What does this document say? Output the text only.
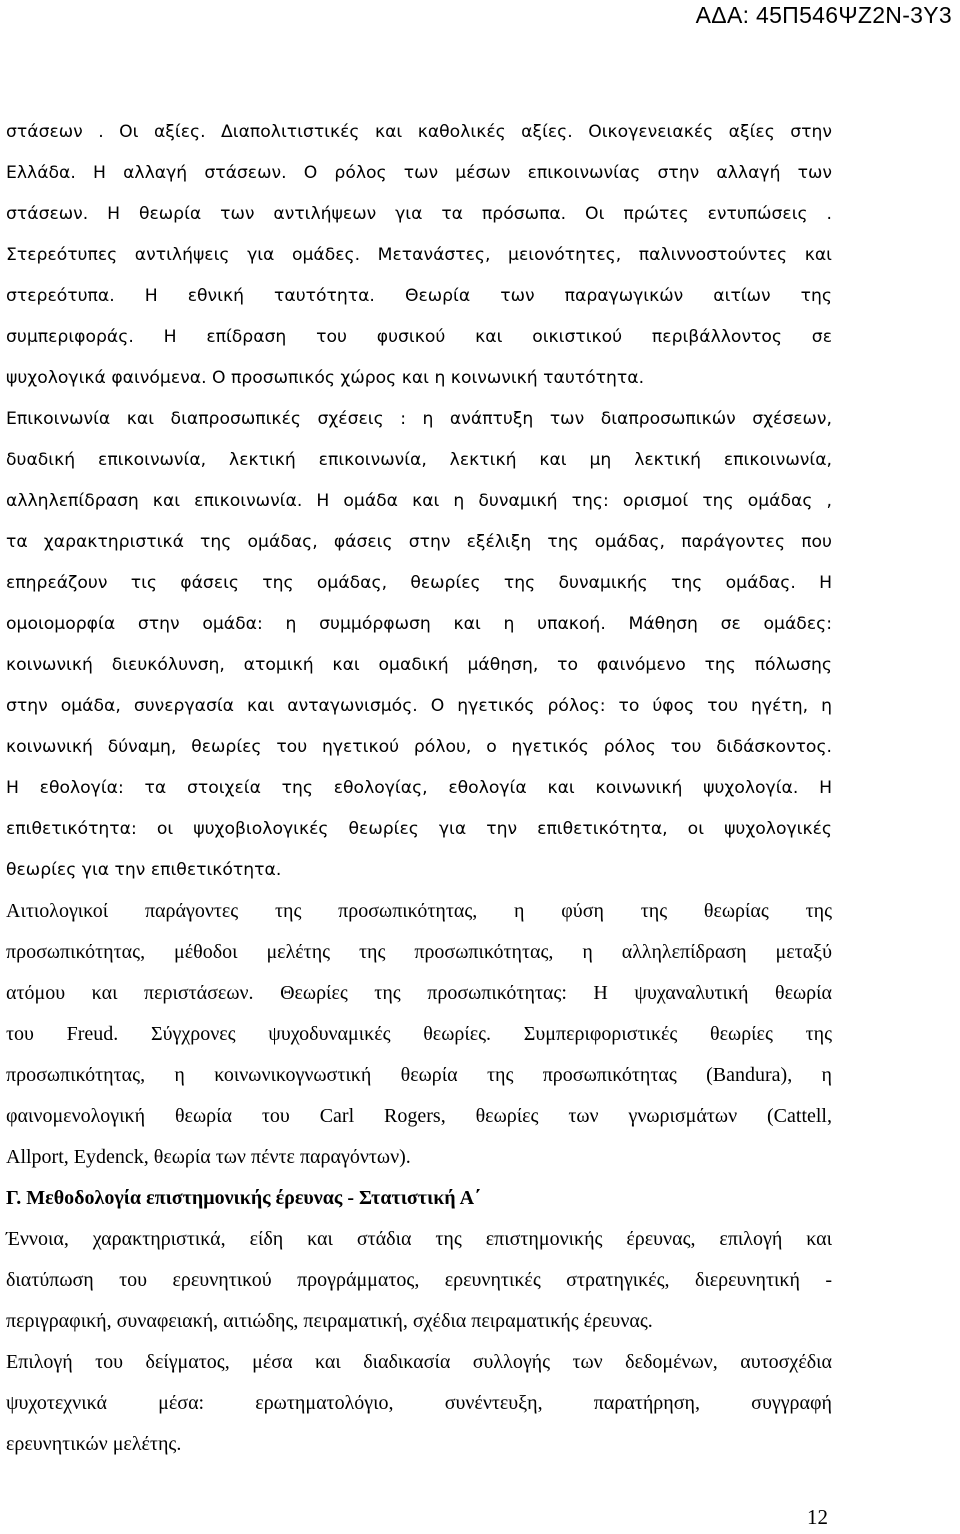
ΑΔΑ: 45Π546ΨΖ2Ν-3Υ3
στάσεων . Οι αξίες. Διαπολιτιστικές και καθολικές αξίες. Οικογενειακές αξίες στην
Ελλάδα. Η αλλαγή στάσεων. Ο ρόλος των μέσων επικοινωνίας στην αλλαγή των
στάσεων. Η θεωρία των αντιλήψεων για τα πρόσωπα. Οι πρώτες εντυπώσεις .
Στερεότυπες αντιλήψεις για ομάδες. Μετανάστες, μειονότητες, παλιννοστούντες και
στερεότυπα. Η εθνική ταυτότητα. Θεωρία των παραγωγικών αιτίων της
συμπεριφοράς. Η επίδραση του φυσικού και οικιστικού περιβάλλοντος σε
ψυχολογικά φαινόμενα. Ο προσωπικός χώρος και η κοινωνική ταυτότητα.
Επικοινωνία και διαπροσωπικές σχέσεις : η ανάπτυξη των διαπροσωπικών σχέσεων,
δυαδική επικοινωνία, λεκτική επικοινωνία, λεκτική και μη λεκτική επικοινωνία,
αλληλεπίδραση και επικοινωνία. Η ομάδα και η δυναμική της: ορισμοί της ομάδας ,
τα χαρακτηριστικά της ομάδας, φάσεις στην εξέλιξη της ομάδας, παράγοντες που
επηρεάζουν τις φάσεις της ομάδας, θεωρίες της δυναμικής της ομάδας. Η
ομοιομορφία στην ομάδα: η συμμόρφωση και η υπακοή. Μάθηση σε ομάδες:
κοινωνική διευκόλυνση, ατομική και ομαδική μάθηση, το φαινόμενο της πόλωσης
στην ομάδα, συνεργασία και ανταγωνισμός. Ο ηγετικός ρόλος: το ύφος του ηγέτη, η
κοινωνική δύναμη, θεωρίες του ηγετικού ρόλου, ο ηγετικός ρόλος του διδάσκοντος.
Η εθολογία: τα στοιχεία της εθολογίας, εθολογία και κοινωνική ψυχολογία. Η
επιθετικότητα: οι ψυχοβιολογικές θεωρίες για την επιθετικότητα, οι ψυχολογικές
θεωρίες για την επιθετικότητα.
Αιτιολογικοί παράγοντες της προσωπικότητας, η φύση της θεωρίας της
προσωπικότητας, μέθοδοι μελέτης της προσωπικότητας, η αλληλεπίδραση μεταξύ
ατόμου και περιστάσεων. Θεωρίες της προσωπικότητας: Η ψυχαναλυτική θεωρία
του Freud. Σύγχρονες ψυχοδυναμικές θεωρίες. Συμπεριφοριστικές θεωρίες της
προσωπικότητας, η κοινωνικογνωστική θεωρία της προσωπικότητας (Bandura), η
φαινομενολογική θεωρία του Carl Rogers, θεωρίες των γνωρισμάτων (Cattell,
Allport, Eydenck, θεωρία των πέντε παραγόντων).
Γ. Μεθοδολογία επιστημονικής έρευνας - Στατιστική Α΄
Έννοια, χαρακτηριστικά, είδη και στάδια της επιστημονικής έρευνας, επιλογή και
διατύπωση του ερευνητικού προγράμματος, ερευνητικές στρατηγικές, διερευνητική -
περιγραφική, συναφειακή, αιτιώδης, πειραματική, σχέδια πειραματικής έρευνας.
Επιλογή του δείγματος, μέσα και διαδικασία συλλογής των δεδομένων, αυτοσχέδια
ψυχοτεχνικά μέσα: ερωτηματολόγιο, συνέντευξη, παρατήρηση, συγγραφή
ερευνητικών μελέτης.
12
